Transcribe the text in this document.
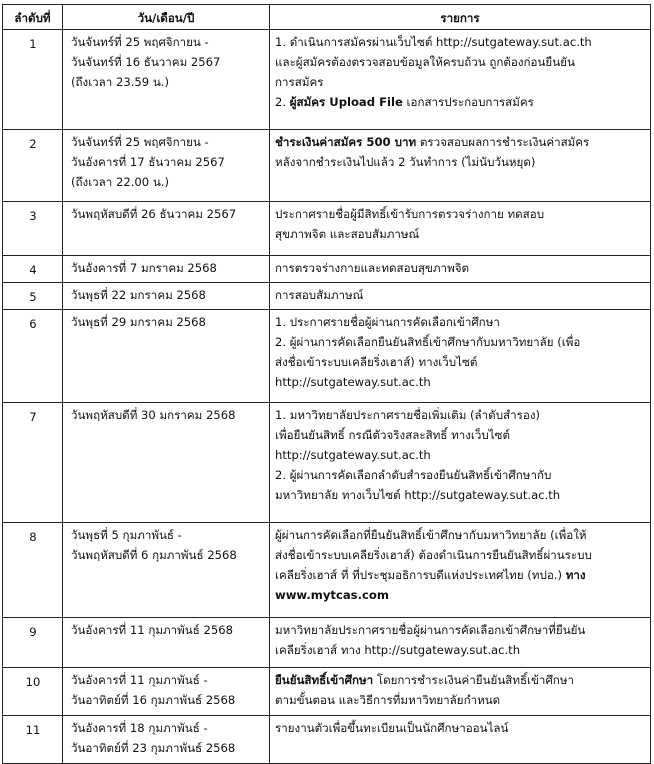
ลำดับที่	วัน/เดือน/ปี	รายการ
1	วันจันทร์ที่ 25 พฤศจิกายน -
วันจันทร์ที่ 16 ธันวาคม 2567
(ถึงเวลา 23.59 น.)	1. ดำเนินการสมัครผ่านเว็บไซต์ http://sutgateway.sut.ac.th
และผู้สมัครต้องตรวจสอบข้อมูลให้ครบถ้วน ถูกต้องก่อนยืนยัน
การสมัคร
2. ผู้สมัคร Upload File เอกสารประกอบการสมัคร

2	วันจันทร์ที่ 25 พฤศจิกายน -
วันอังคารที่ 17 ธันวาคม 2567
(ถึงเวลา 22.00 น.)	ชำระเงินค่าสมัคร 500 บาท ตรวจสอบผลการชำระเงินค่าสมัคร
หลังจากชำระเงินไปแล้ว 2 วันทำการ (ไม่นับวันหยุด)

3	วันพฤหัสบดีที่ 26 ธันวาคม 2567	ประกาศรายชื่อผู้มีสิทธิ์เข้ารับการตรวจร่างกาย ทดสอบ
สุขภาพจิต และสอบสัมภาษณ์

4	วันอังคารที่ 7 มกราคม 2568	การตรวจร่างกายและทดสอบสุขภาพจิต

5	วันพุธที่ 22 มกราคม 2568	การสอบสัมภาษณ์

6	วันพุธที่ 29 มกราคม 2568	1. ประกาศรายชื่อผู้ผ่านการคัดเลือกเข้าศึกษา
2. ผู้ผ่านการคัดเลือกยืนยันสิทธิ์เข้าศึกษากับมหาวิทยาลัย (เพื่อ
ส่งชื่อเข้าระบบเคลียริ่งเฮาส์) ทางเว็บไซต์
http://sutgateway.sut.ac.th

7	วันพฤหัสบดีที่ 30 มกราคม 2568	1. มหาวิทยาลัยประกาศรายชื่อเพิ่มเติม (ลำดับสำรอง)
เพื่อยืนยันสิทธิ์ กรณีตัวจริงสละสิทธิ์ ทางเว็บไซต์
http://sutgateway.sut.ac.th
2. ผู้ผ่านการคัดเลือกลำดับสำรองยืนยันสิทธิ์เข้าศึกษากับ
มหาวิทยาลัย ทางเว็บไซต์ http://sutgateway.sut.ac.th

8	วันพุธที่ 5 กุมภาพันธ์ -
วันพฤหัสบดีที่ 6 กุมภาพันธ์ 2568	ผู้ผ่านการคัดเลือกที่ยืนยันสิทธิ์เข้าศึกษากับมหาวิทยาลัย (เพื่อให้
ส่งชื่อเข้าระบบเคลียริ่งเฮาส์) ต้องดำเนินการยืนยันสิทธิ์ผ่านระบบ
เคลียริ่งเฮาส์ ที่ ที่ประชุมอธิการบดีแห่งประเทศไทย (ทปอ.) ทาง
www.mytcas.com

9	วันอังคารที่ 11 กุมภาพันธ์ 2568	มหาวิทยาลัยประกาศรายชื่อผู้ผ่านการคัดเลือกเข้าศึกษาที่ยืนยัน
เคลียริ่งเฮาส์ ทาง http://sutgateway.sut.ac.th

10	วันอังคารที่ 11 กุมภาพันธ์ -
วันอาทิตย์ที่ 16 กุมภาพันธ์ 2568	ยืนยันสิทธิ์เข้าศึกษา โดยการชำระเงินค่ายืนยันสิทธิ์เข้าศึกษา
ตามขั้นตอน และวิธีการที่มหาวิทยาลัยกำหนด

11	วันอังคารที่ 18 กุมภาพันธ์ -
วันอาทิตย์ที่ 23 กุมภาพันธ์ 2568	รายงานตัวเพื่อขึ้นทะเบียนเป็นนักศึกษาออนไลน์
